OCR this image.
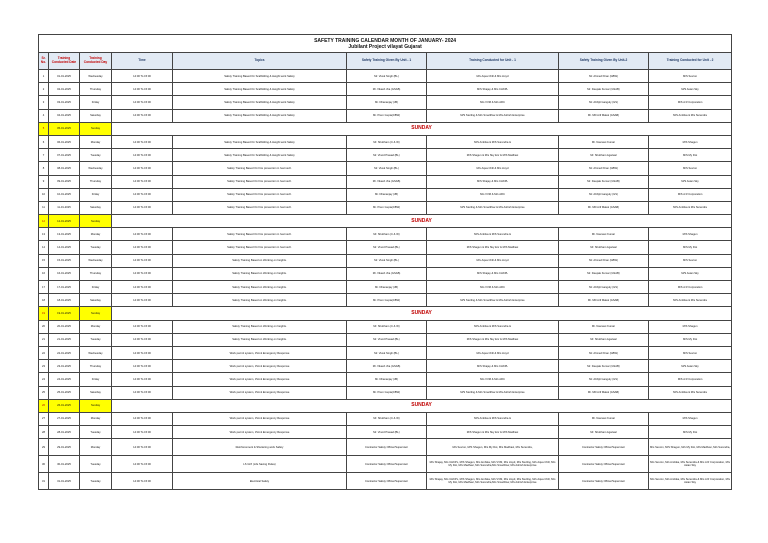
SAFETY TRAINING CALENDAR MONTH OF JANUARY- 2024
Jubilant Project vilayat Gujarat								

Sr. No.	Training Conducted Date	Training Conducted Day	Time	Topics	Safety Training Given By Unit - 1	Training Conducted for Unit - 1	Safety Training Given By Unit-2	Training Conducted for Unit - 2
1	01-01-2025	Wednesday	14:00 To 15:00	Safety Training Based On Scaffolding & Height work Safety	Mr. Vivek Singh (BL)	M/s Aqua Chill & M/s Lloyd	Mr. Ahmed Khan (GBW)	M/S Sevron
2	02-01-2025	Thursday	14:00 To 15:00	Safety Training Based On Scaffolding & Height work Safety	Mr. Vikash Jha (GSAB)	M/S Shajay & M/s CHKPL	Mr. Deepak Kumar (GSAB)	M/S Asian Sky
3	03-01-2025	Friday	14:00 To 15:00	Safety Training Based On Scaffolding & Height work Safety	Mr. Dhananjay (JB)	M/s VVM & M/s ARC	Mr. Abhijit Ganguly (GS)	M/S A R Corporation
4	04-01-2025	Saturday	14:00 To 15:00	Safety Training Based On Scaffolding & Height work Safety	Mr. Prem Gupta(CBW)	M/S Sterling & M/s Smartflow & M/s Ashish Enterprise	Mr. MD Arif Malek (GSAB)	M/S Ambika & M/s Surendra
5	05-01-2025	Sunday	SUNDAY					
6	06-01-2025	Monday	14:00 To 15:00	Safety Training Based On Scaffolding & Height work Safety	Mr. Shubham (C & W)	M/S Ambika & M/S Surendra &	Mr. Navneet Kumar	M/S Shagun
7	07-01-2025	Tuesday	14:00 To 15:00	Safety Training Based On Scaffolding & Height work Safety	Mr. Vinod Prasad (BL)	M/S Shagun & M/s Sky Enr & M/S Madhavi	Mr. Shubham Agarwal	M/S My Dot
8	08-01-2025	Wednesday	14:00 To 15:00	Safety Training Based On Fire prevention in Ivermech.	Mr. Vivek Singh (BL)	M/s Aqua Chill & M/s Lloyd	Mr. Ahmed Khan (GBW)	M/S Sevron
9	09-01-2025	Thursday	14:00 To 15:00	Safety Training Based On Fire prevention in Ivermech.	Mr. Vikash Jha (GSAB)	M/S Shajay & M/s CHKPL	Mr. Deepak Kumar (GSAB)	M/S Asian Sky
10	10-01-2025	Friday	14:00 To 15:00	Safety Training Based On Fire prevention in Ivermech.	Mr. Dhananjay (JB)	M/s VVM & M/s ARC	Mr. Abhijit Ganguly (GS)	M/S A R Corporation
11	11-01-2025	Saturday	14:00 To 15:00	Safety Training Based On Fire prevention in Ivermech.	Mr. Prem Gupta(CBW)	M/S Sterling & M/s Smartflow & M/s Ashish Enterprise	Mr. MD Arif Malek (GSAB)	M/S Ambika & M/s Surendra
12	12-01-2025	Sunday	SUNDAY					
13	13-01-2025	Monday	14:00 To 15:00	Safety Training Based On Fire prevention in Ivermech.	Mr. Shubham (C & W)	M/S Ambika & M/S Surendra &	Mr. Navneet Kumar	M/S Shagun
14	14-01-2025	Tuesday	14:00 To 15:00	Safety Training Based On Fire prevention in Ivermech.	Mr. Vinod Prasad (BL)	M/S Shagun & M/s Sky Enr & M/S Madhavi	Mr. Shubham Agarwal	M/S My Dot
15	15-01-2025	Wednesday	14:00 To 15:00	Safety Training Based on Working on heights.	Mr. Vivek Singh (BL)	M/s Aqua Chill & M/s Lloyd	Mr. Ahmed Khan (GBW)	M/S Sevron
16	16-01-2025	Thursday	14:00 To 15:00	Safety Training Based on Working on heights.	Mr. Vikash Jha (GSAB)	M/S Shajay & M/s CHKPL	Mr. Deepak Kumar (GSAB)	M/S Asian Sky
17	17-01-2025	Friday	14:00 To 15:00	Safety Training Based on Working on heights.	Mr. Dhananjay (JB)	M/s VVM & M/s ARC	Mr. Abhijit Ganguly (GS)	M/S A R Corporation
18	18-01-2025	Saturday	14:00 To 15:00	Safety Training Based on Working on heights.	Mr. Prem Gupta(CBW)	M/S Sterling & M/s Smartflow & M/s Ashish Enterprise	Mr. MD Arif Malek (GSAB)	M/S Ambika & M/s Surendra
19	19-01-2025	Sunday	SUNDAY					
20	20-01-2025	Monday	14:00 To 15:00	Safety Training Based on Working on heights.	Mr. Shubham (C & W)	M/S Ambika & M/S Surendra &	Mr. Navneet Kumar	M/S Shagun
21	21-01-2025	Tuesday	14:00 To 15:00	Safety Training Based on Working on heights.	Mr. Vinod Prasad (BL)	M/S Shagun & M/s Sky Enr & M/S Madhavi	Mr. Shubham Agarwal	M/S My Dot
22	22-01-2025	Wednesday	14:00 To 15:00	Work permit system, JSA & Emergency Response	Mr. Vivek Singh (BL)	M/s Aqua Chill & M/s Lloyd	Mr. Ahmed Khan (GBW)	M/S Sevron
23	23-01-2025	Thursday	14:00 To 15:00	Work permit system, JSA & Emergency Response	Mr. Vikash Jha (GSAB)	M/S Shajay & M/s CHKPL	Mr. Deepak Kumar (GSAB)	M/S Asian Sky
24	24-01-2025	Friday	14:00 To 15:00	Work permit system, JSA & Emergency Response	Mr. Dhananjay (JB)	M/s VVM & M/s ARC	Mr. Abhijit Ganguly (GS)	M/S A R Corporation
25	25-01-2025	Saturday	14:00 To 15:00	Work permit system, JSA & Emergency Response	Mr. Prem Gupta(CBW)	M/S Sterling & M/s Smartflow & M/s Ashish Enterprise	Mr. MD Arif Malek (GSAB)	M/S Ambika & M/s Surendra
26	26-01-2025	Sunday	SUNDAY					
27	27-01-2025	Monday	14:00 To 15:00	Work permit system, JSA & Emergency Response	Mr. Shubham (C & W)	M/S Ambika & M/S Surendra &	Mr. Navneet Kumar	M/S Shagun
28	28-01-2025	Tuesday	14:00 To 15:00	Work permit system, JSA & Emergency Response	Mr. Vinod Prasad (BL)	M/S Shagun & M/s Sky Enr & M/S Madhavi	Mr. Shubham Agarwal	M/S My Dot
29	29-01-2025	Monday	14:00 To 15:00	Reinforcement & Shuttering work Safety	Contractor Safety Officer/Supervisor	M/s Sevron, M/S Shagun, M/s My Dot, M/s Madhavi, M/s Surendra,	Contractor Safety Officer/Supervisor	M/s Sevron, M/S Shagun, M/s My Dot, M/s Madhavi, M/s Surendra,
30	30-01-2025	Tuesday	14:00 To 15:00	LS GO! (Life Saving Rules)	Contractor Safety Officer/Supervisor	M/s Shajay, M/s CHKPL, M/S Shagun, M/s Ambika, M/s VVM, M/s Lloyd, M/s Sterling, M/s Aqua Chill, M/s My Dot, M/s Madhavi, M/s Surendra,M/s Smartflow, M/s Ashish Enterprise	Contractor Safety Officer/Supervisor	M/s Sevron, M/s Ambika, M/s Surendra & M/s A R Corporation, M/s Asian Sky
31	31-01-2025	Tuesday	14:00 To 15:00	Electrical Safety	Contractor Safety Officer/Supervisor	M/s Shajay, M/s CHKPL, M/S Shagun, M/s Ambika, M/s VVM, M/s Lloyd, M/s Sterling, M/s Aqua Chill, M/s My Dot, M/s Madhavi, M/s Surendra,M/s Smartflow, M/s Ashish Enterprise	Contractor Safety Officer/Supervisor	M/s Sevron, M/s Ambika, M/s Surendra & M/s A R Corporation, M/s Asian Sky
